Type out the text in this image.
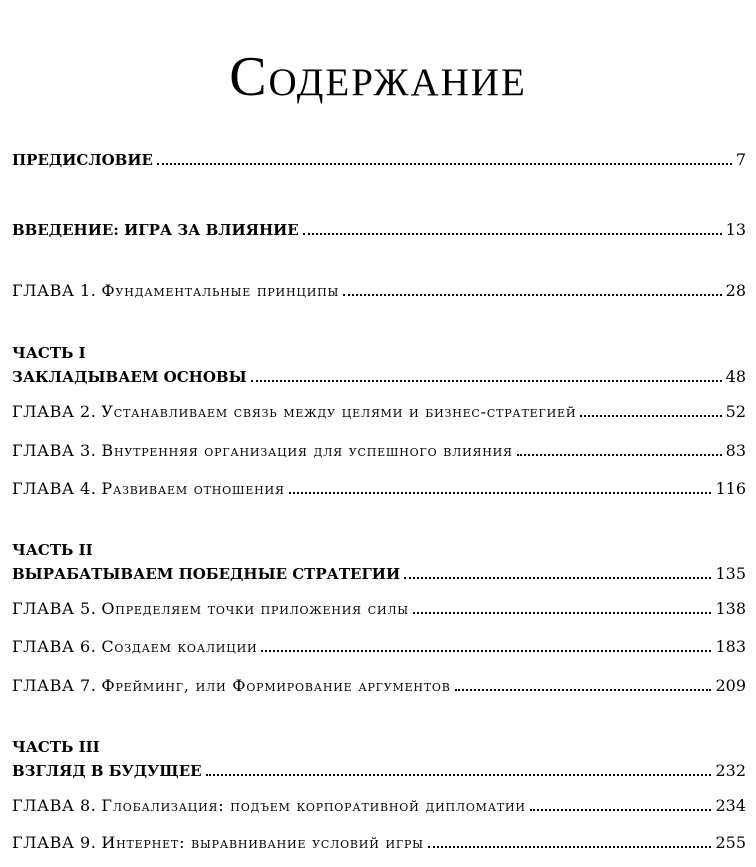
Содержание
ПРЕДИСЛОВИЕ	7
ВВЕДЕНИЕ: ИГРА ЗА ВЛИЯНИЕ	13
ГЛАВА 1. Фундаментальные принципы	28
ЧАСТЬ I
ЗАКЛАДЫВАЕМ ОСНОВЫ	48
ГЛАВА 2. Устанавливаем связь между целями и бизнес-стратегией	52
ГЛАВА 3. Внутренняя организация для успешного влияния	83
ГЛАВА 4. Развиваем отношения	116
ЧАСТЬ II
ВЫРАБАТЫВАЕМ ПОБЕДНЫЕ СТРАТЕГИИ	135
ГЛАВА 5. Определяем точки приложения силы	138
ГЛАВА 6. Создаем коалиции	183
ГЛАВА 7. Фрейминг, или Формирование аргументов	209
ЧАСТЬ III
ВЗГЛЯД В БУДУЩЕЕ	232
ГЛАВА 8. Глобализация: подъем корпоративной дипломатии	234
ГЛАВА 9. Интернет: выравнивание условий игры	255
